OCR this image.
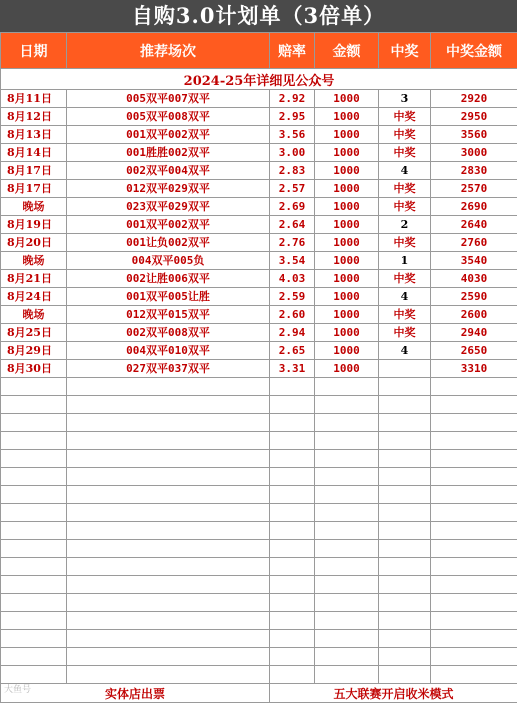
自购3.0计划单（3倍单）
日期	推荐场次	赔率	金额	中奖	中奖金额
2024-25年详细见公众号					
8月11日	005双平007双平	2.92	1000	3	2920
8月12日	005双平008双平	2.95	1000	中奖	2950
8月13日	001双平002双平	3.56	1000	中奖	3560
8月14日	001胜胜002双平	3.00	1000	中奖	3000
8月17日	002双平004双平	2.83	1000	4	2830
8月17日	012双平029双平	2.57	1000	中奖	2570
晚场	023双平029双平	2.69	1000	中奖	2690
8月19日	001双平002双平	2.64	1000	2	2640
8月20日	001让负002双平	2.76	1000	中奖	2760
晚场	004双平005负	3.54	1000	1	3540
8月21日	002让胜006双平	4.03	1000	中奖	4030
8月24日	001双平005让胜	2.59	1000	4	2590
晚场	012双平015双平	2.60	1000	中奖	2600
8月25日	002双平008双平	2.94	1000	中奖	2940
8月29日	004双平010双平	2.65	1000	4	2650
8月30日	027双平037双平	3.31	1000		3310

实体店出票		五大联赛开启收米模式			
大鱼号
